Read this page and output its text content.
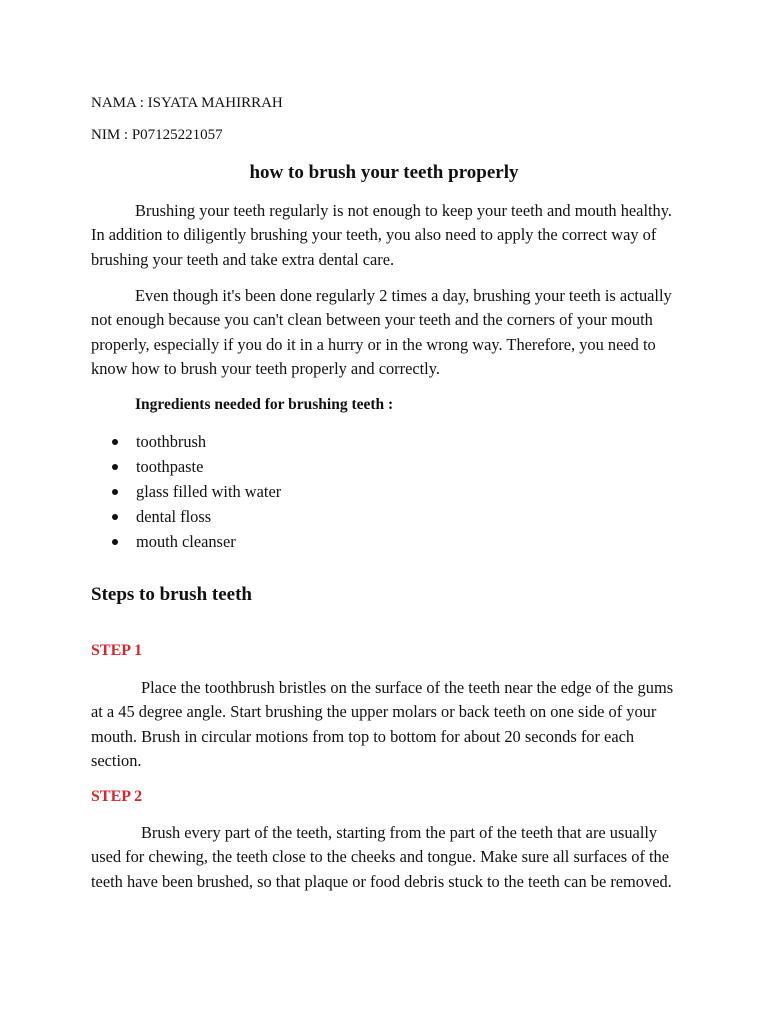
NAMA : ISYATA MAHIRRAH

NIM : P07125221057

how to brush your teeth properly

Brushing your teeth regularly is not enough to keep your teeth and mouth healthy. In addition to diligently brushing your teeth, you also need to apply the correct way of brushing your teeth and take extra dental care.

Even though it's been done regularly 2 times a day, brushing your teeth is actually not enough because you can't clean between your teeth and the corners of your mouth properly, especially if you do it in a hurry or in the wrong way. Therefore, you need to know how to brush your teeth properly and correctly.

Ingredients needed for brushing teeth :

toothbrush
toothpaste
glass filled with water
dental floss
mouth cleanser
Steps to brush teeth

STEP 1

Place the toothbrush bristles on the surface of the teeth near the edge of the gums at a 45 degree angle. Start brushing the upper molars or back teeth on one side of your mouth. Brush in circular motions from top to bottom for about 20 seconds for each section.

STEP 2

Brush every part of the teeth, starting from the part of the teeth that are usually used for chewing, the teeth close to the cheeks and tongue. Make sure all surfaces of the teeth have been brushed, so that plaque or food debris stuck to the teeth can be removed.
